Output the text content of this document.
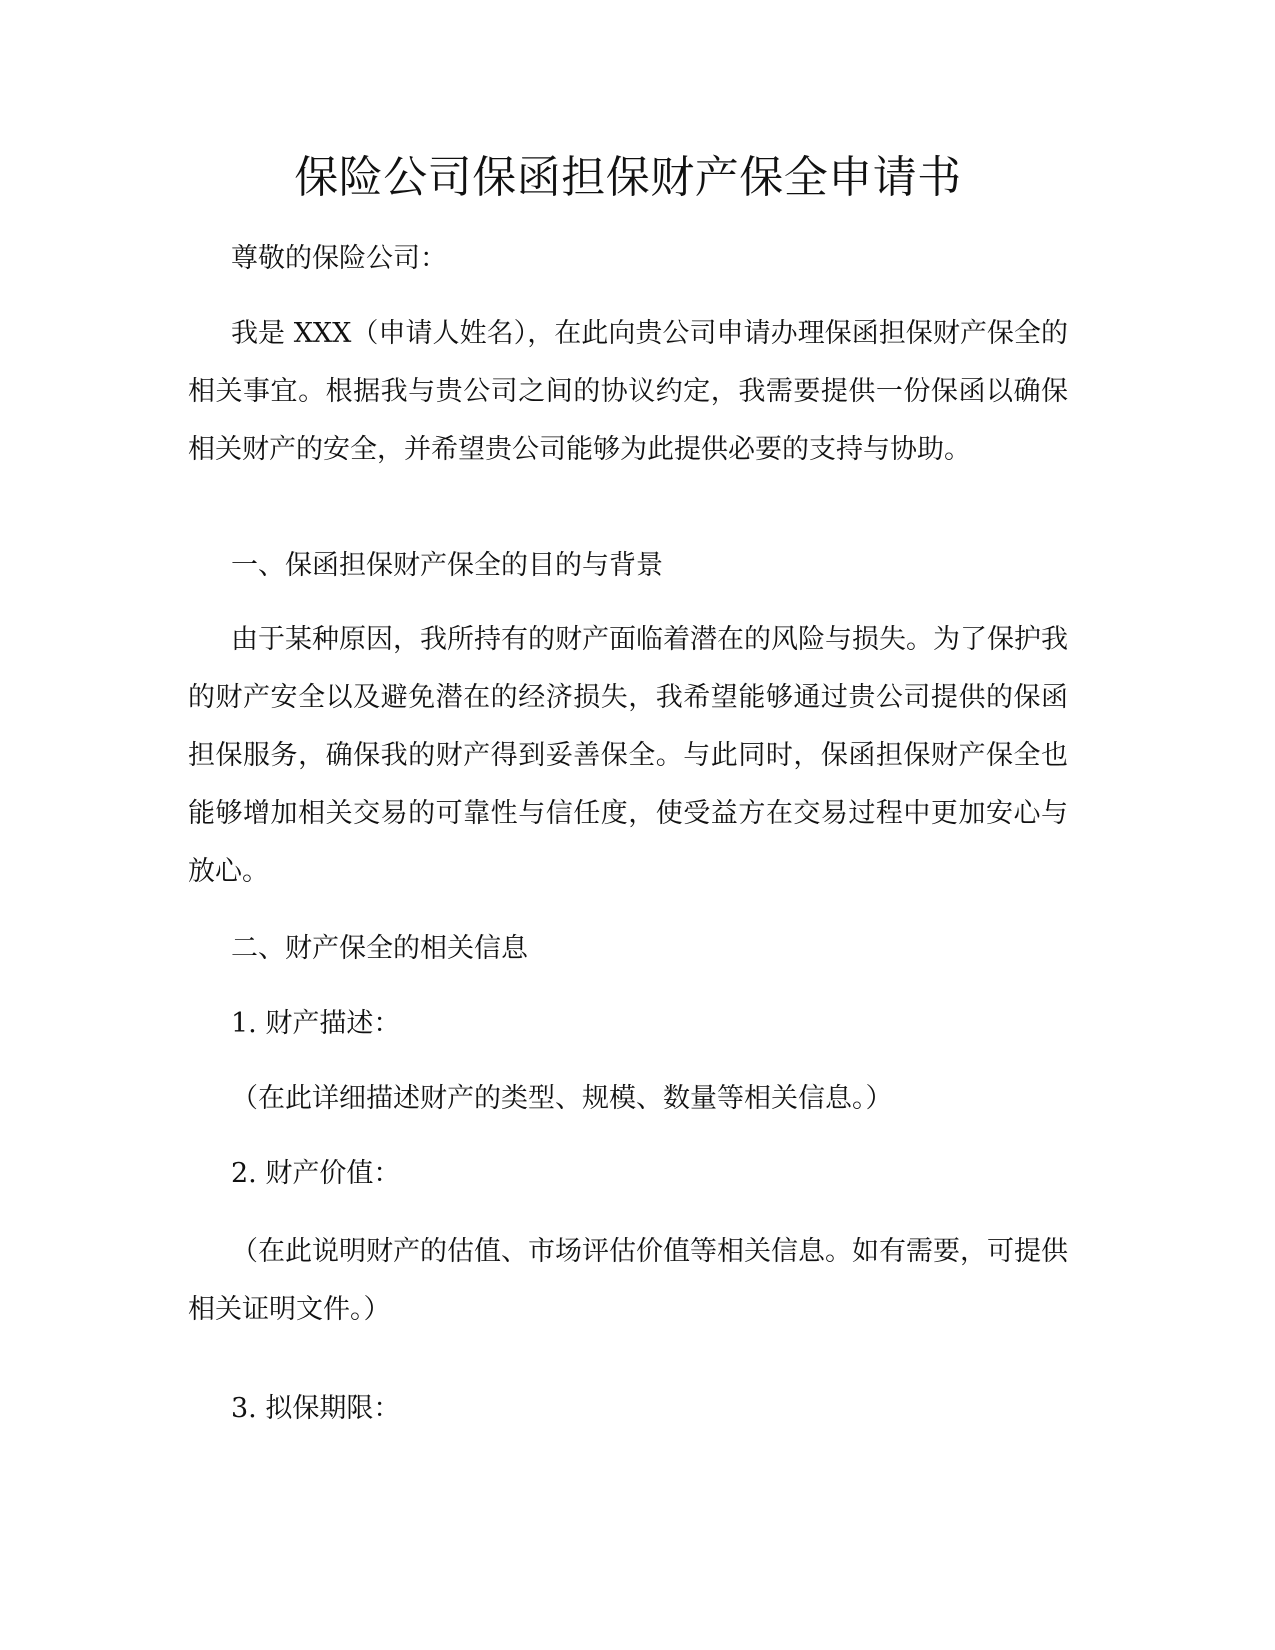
保险公司保函担保财产保全申请书

尊敬的保险公司：

我是 XXX（申请人姓名），在此向贵公司申请办理保函担保财产保全的相关事宜。根据我与贵公司之间的协议约定，我需要提供一份保函以确保相关财产的安全，并希望贵公司能够为此提供必要的支持与协助。

一、保函担保财产保全的目的与背景

由于某种原因，我所持有的财产面临着潜在的风险与损失。为了保护我的财产安全以及避免潜在的经济损失，我希望能够通过贵公司提供的保函担保服务，确保我的财产得到妥善保全。与此同时，保函担保财产保全也能够增加相关交易的可靠性与信任度，使受益方在交易过程中更加安心与放心。

二、财产保全的相关信息

1. 财产描述：

（在此详细描述财产的类型、规模、数量等相关信息。）

2. 财产价值：

（在此说明财产的估值、市场评估价值等相关信息。如有需要，可提供相关证明文件。）

3. 拟保期限：
